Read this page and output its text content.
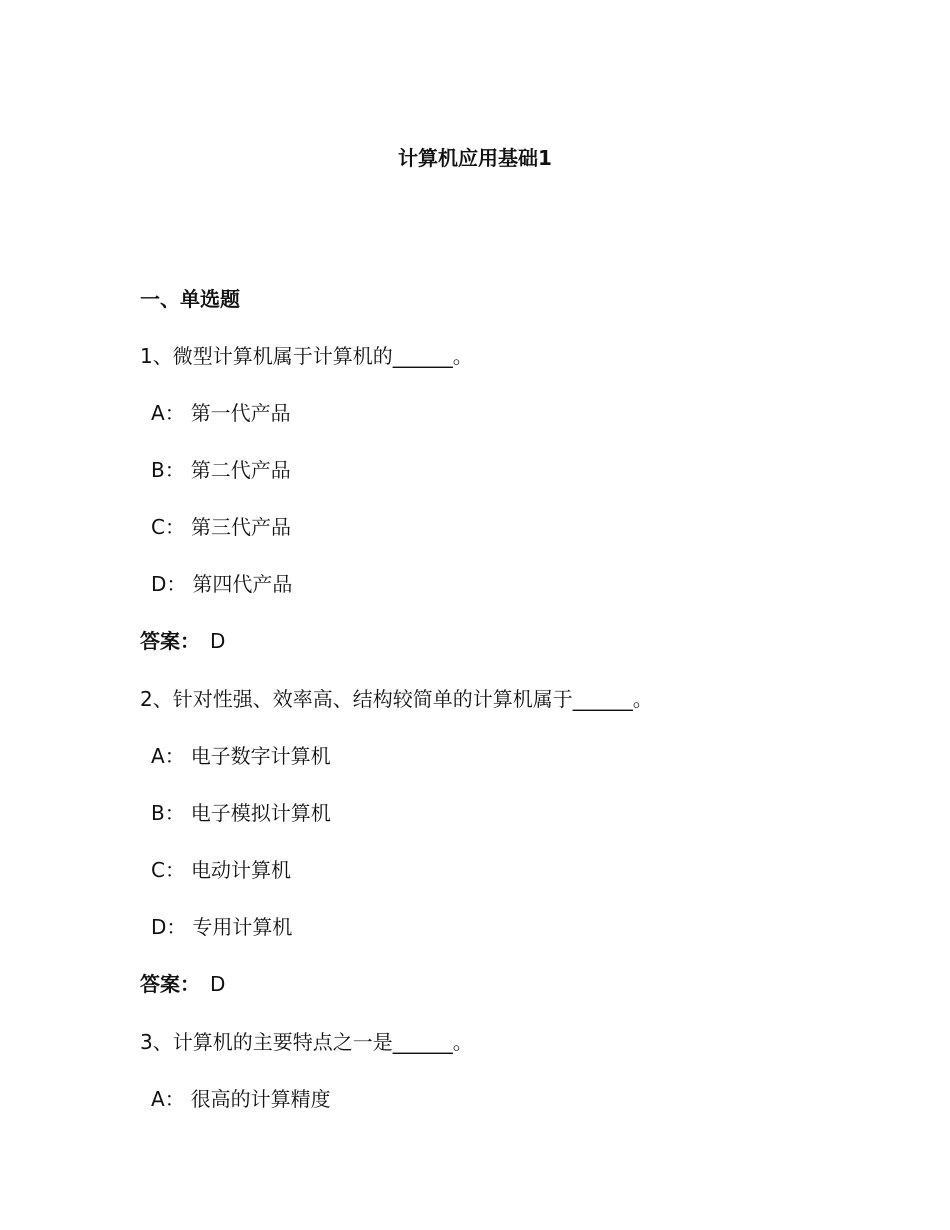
计算机应用基础1
一、单选题
1、微型计算机属于计算机的______。
A： 第一代产品
B： 第二代产品
C： 第三代产品
D： 第四代产品
答案： D
2、针对性强、效率高、结构较简单的计算机属于______。
A： 电子数字计算机
B： 电子模拟计算机
C： 电动计算机
D： 专用计算机
答案： D
3、计算机的主要特点之一是______。
A： 很高的计算精度
